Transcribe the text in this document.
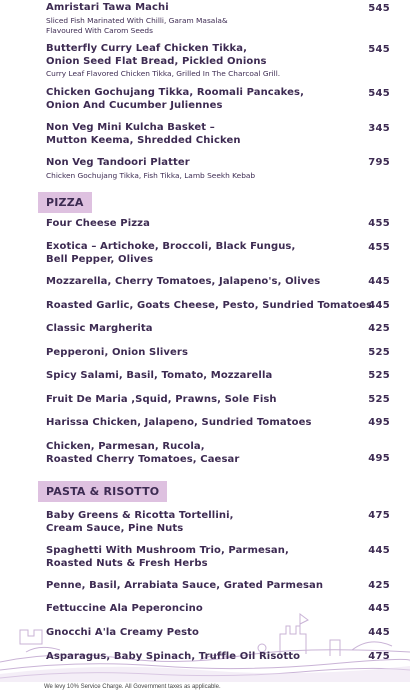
Amristari Tawa Machi
Sliced Fish Marinated With Chilli, Garam Masala&
Flavoured With Carom Seeds
545
Butterfly Curry Leaf Chicken Tikka,
Onion Seed Flat Bread, Pickled Onions
Curry Leaf Flavored Chicken Tikka, Grilled In The Charcoal Grill.
545
Chicken Gochujang Tikka, Roomali Pancakes,
Onion And Cucumber Juliennes
545
Non Veg Mini Kulcha Basket –
Mutton Keema, Shredded Chicken
345
Non Veg Tandoori Platter
Chicken Gochujang Tikka, Fish Tikka, Lamb Seekh Kebab
795
PIZZA
Four Cheese Pizza	455
Exotica – Artichoke, Broccoli, Black Fungus,
Bell Pepper, Olives
455
Mozzarella, Cherry Tomatoes, Jalapeno's, Olives	445
Roasted Garlic, Goats Cheese, Pesto, Sundried Tomatoes
445
Classic Margherita	425
Pepperoni, Onion Slivers	525
Spicy Salami, Basil, Tomato, Mozzarella	525
Fruit De Maria ,Squid, Prawns, Sole Fish	525
Harissa Chicken, Jalapeno, Sundried Tomatoes	495
Chicken, Parmesan, Rucola,
Roasted Cherry Tomatoes, Caesar	495
PASTA & RISOTTO
Baby Greens & Ricotta Tortellini,
Cream Sauce, Pine Nuts
475
Spaghetti With Mushroom Trio, Parmesan,
Roasted Nuts & Fresh Herbs
445
Penne, Basil, Arrabiata Sauce, Grated Parmesan	425
Fettuccine Ala Peperoncino	445
Gnocchi A'la Creamy Pesto	445
Asparagus, Baby Spinach, Truffle Oil Risotto	475
We levy 10% Service Charge. All Government taxes as applicable.
